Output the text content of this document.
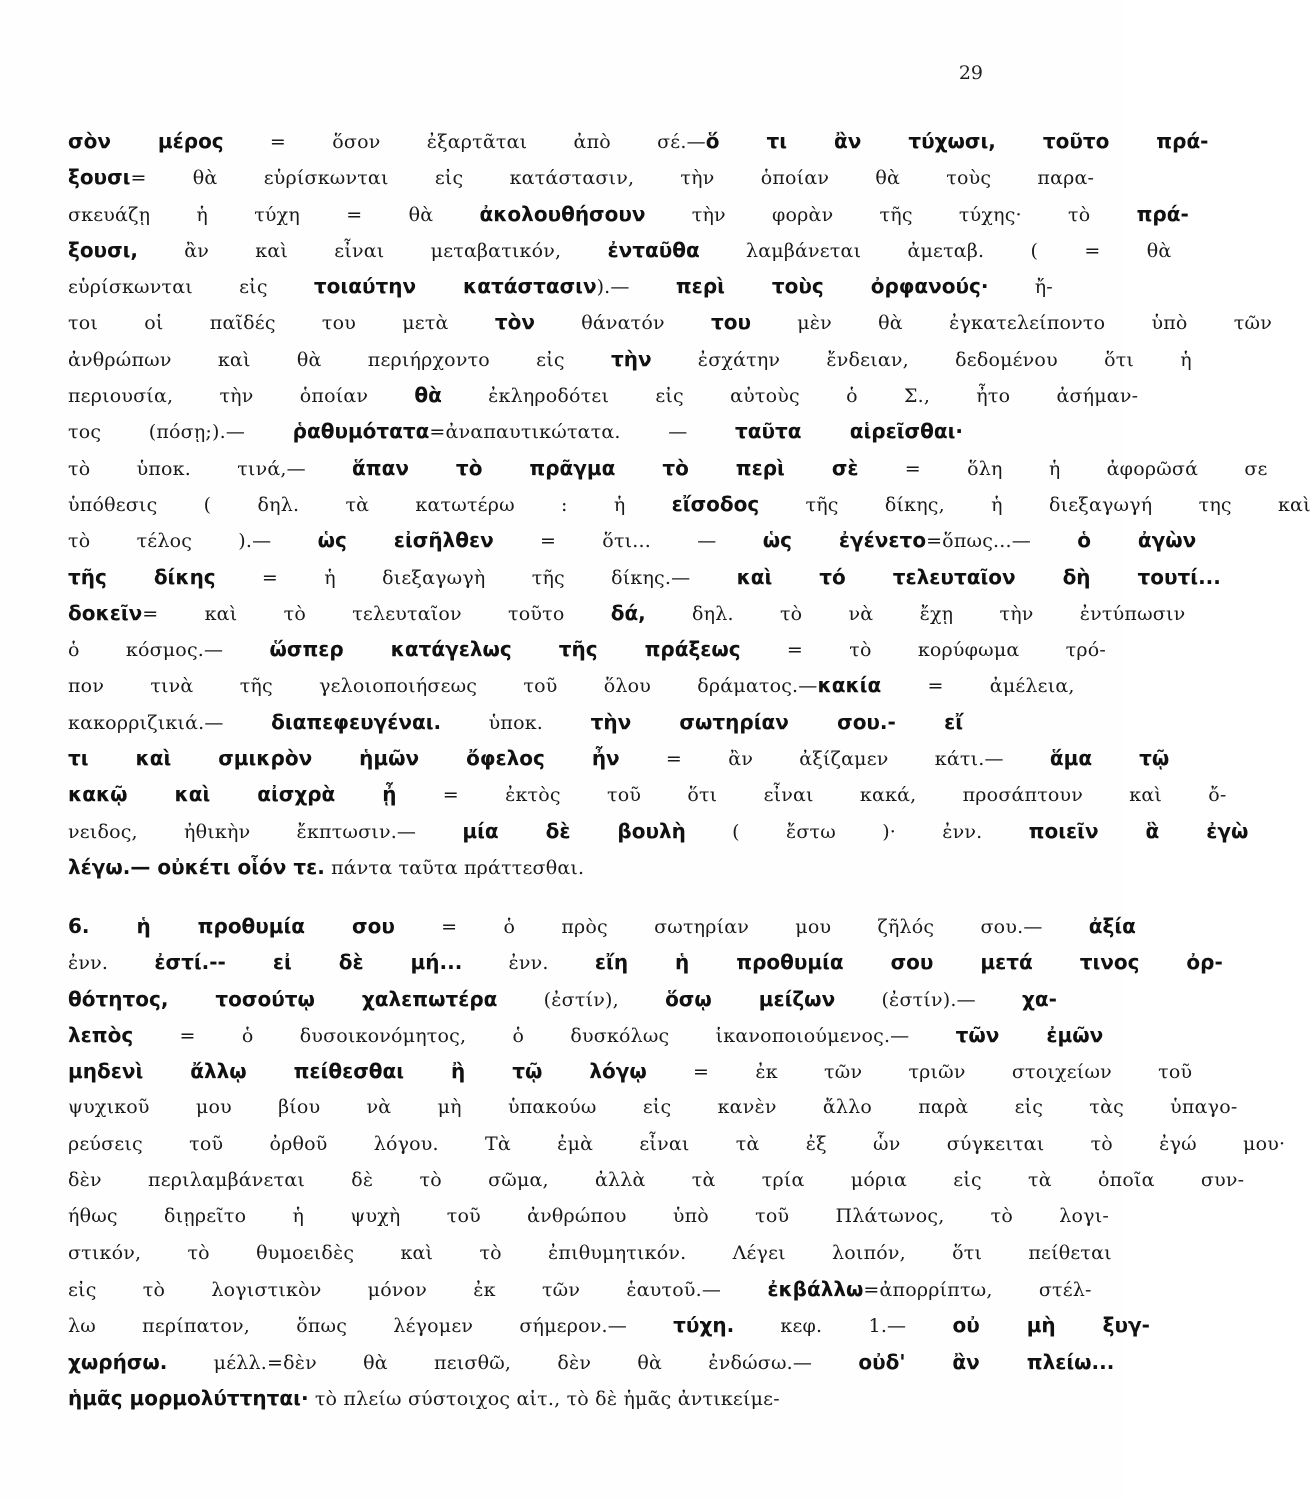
29
σὸν μέρος = ὅσον ἐξαρτᾶται ἀπὸ σέ.—ὅ τι ἂν τύχωσι, τοῦτο πρά-
ξουσι= θὰ εὑρίσκωνται εἰς κατάστασιν, τὴν ὁποίαν θὰ τοὺς παρα-
σκευάζῃ ἡ τύχη = θὰ ἀκολουθήσουν τὴν φορὰν τῆς τύχης· τὸ πρά-
ξουσι, ἂν καὶ εἶναι μεταβατικόν, ἐνταῦθα λαμβάνεται ἀμεταβ. ( = θὰ
εὑρίσκωνται εἰς τοιαύτην κατάστασιν).— περὶ τοὺς ὀρφανούς· ἤ-
τοι οἱ παῖδές του μετὰ τὸν θάνατόν του μὲν θὰ ἐγκατελείποντο ὑπὸ τῶν
ἀνθρώπων καὶ θὰ περιήρχοντο εἰς τὴν ἐσχάτην ἔνδειαν, δεδομένου ὅτι ἡ
περιουσία, τὴν ὁποίαν θὰ ἐκληροδότει εἰς αὐτοὺς ὁ Σ., ἦτο ἀσήμαν-
τος (πόσῃ;).— ῥαθυμότατα=ἀναπαυτικώτατα. — ταῦτα αἱρεῖσθαι·
τὸ ὑποκ. τινά,— ἅπαν τὸ πρᾶγμα τὸ περὶ σὲ = ὅλη ἡ ἀφορῶσά σε
ὑπόθεσις ( δηλ. τὰ κατωτέρω : ἡ εἴσοδος τῆς δίκης, ἡ διεξαγωγή της καὶ
τὸ τέλος ).— ὡς εἰσῆλθεν = ὅτι... — ὡς ἐγένετο=ὅπως...— ὁ ἀγὼν
τῆς δίκης = ἡ διεξαγωγὴ τῆς δίκης.— καὶ τό τελευταῖον δὴ τουτί...
δοκεῖν= καὶ τὸ τελευταῖον τοῦτο δά, δηλ. τὸ νὰ ἔχῃ τὴν ἐντύπωσιν
ὁ κόσμος.— ὥσπερ κατάγελως τῆς πράξεως = τὸ κορύφωμα τρό-
πον τινὰ τῆς γελοιοποιήσεως τοῦ ὅλου δράματος.—κακία = ἀμέλεια,
κακορριζικιά.— διαπεφευγέναι. ὑποκ. τὴν σωτηρίαν σου.- εἴ
τι καὶ σμικρὸν ἡμῶν ὄφελος ἦν = ἂν ἀξίζαμεν κάτι.— ἅμα τῷ
κακῷ καὶ αἰσχρὰ ᾖ = ἐκτὸς τοῦ ὅτι εἶναι κακά, προσάπτουν καὶ ὄ-
νειδος, ἠθικὴν ἔκπτωσιν.— μία δὲ βουλὴ ( ἔστω )· ἐνν. ποιεῖν ἃ ἐγὼ
λέγω.— οὐκέτι οἷόν τε. πάντα ταῦτα πράττεσθαι.
6. ἡ προθυμία σου = ὁ πρὸς σωτηρίαν μου ζῆλός σου.— ἀξία
ἐνν. ἐστί.-- εἰ δὲ μή... ἐνν. εἴη ἡ προθυμία σου μετά τινος ὀρ-
θότητος, τοσούτῳ χαλεπωτέρα (ἐστίν), ὅσῳ μείζων (ἐστίν).— χα-
λεπὸς = ὁ δυσοικονόμητος, ὁ δυσκόλως ἱκανοποιούμενος.— τῶν ἐμῶν
μηδενὶ ἄλλῳ πείθεσθαι ἢ τῷ λόγῳ = ἐκ τῶν τριῶν στοιχείων τοῦ
ψυχικοῦ μου βίου νὰ μὴ ὑπακούω εἰς κανὲν ἄλλο παρὰ εἰς τὰς ὑπαγο-
ρεύσεις τοῦ ὀρθοῦ λόγου. Τὰ ἐμὰ εἶναι τὰ ἐξ ὧν σύγκειται τὸ ἐγώ μου·
δὲν περιλαμβάνεται δὲ τὸ σῶμα, ἀλλὰ τὰ τρία μόρια εἰς τὰ ὁποῖα συν-
ήθως διῃρεῖτο ἡ ψυχὴ τοῦ ἀνθρώπου ὑπὸ τοῦ Πλάτωνος, τὸ λογι-
στικόν, τὸ θυμοειδὲς καὶ τὸ ἐπιθυμητικόν. Λέγει λοιπόν, ὅτι πείθεται
εἰς τὸ λογιστικὸν μόνον ἐκ τῶν ἑαυτοῦ.— ἐκβάλλω=ἀπορρίπτω, στέλ-
λω περίπατον, ὅπως λέγομεν σήμερον.— τύχη. κεφ. 1.— οὐ μὴ ξυγ-
χωρήσω. μέλλ.=δὲν θὰ πεισθῶ, δὲν θὰ ἐνδώσω.— οὐδ' ἂν πλείω...
ἡμᾶς μορμολύττηται· τὸ πλείω σύστοιχος αἰτ., τὸ δὲ ἡμᾶς ἀντικείμε-
